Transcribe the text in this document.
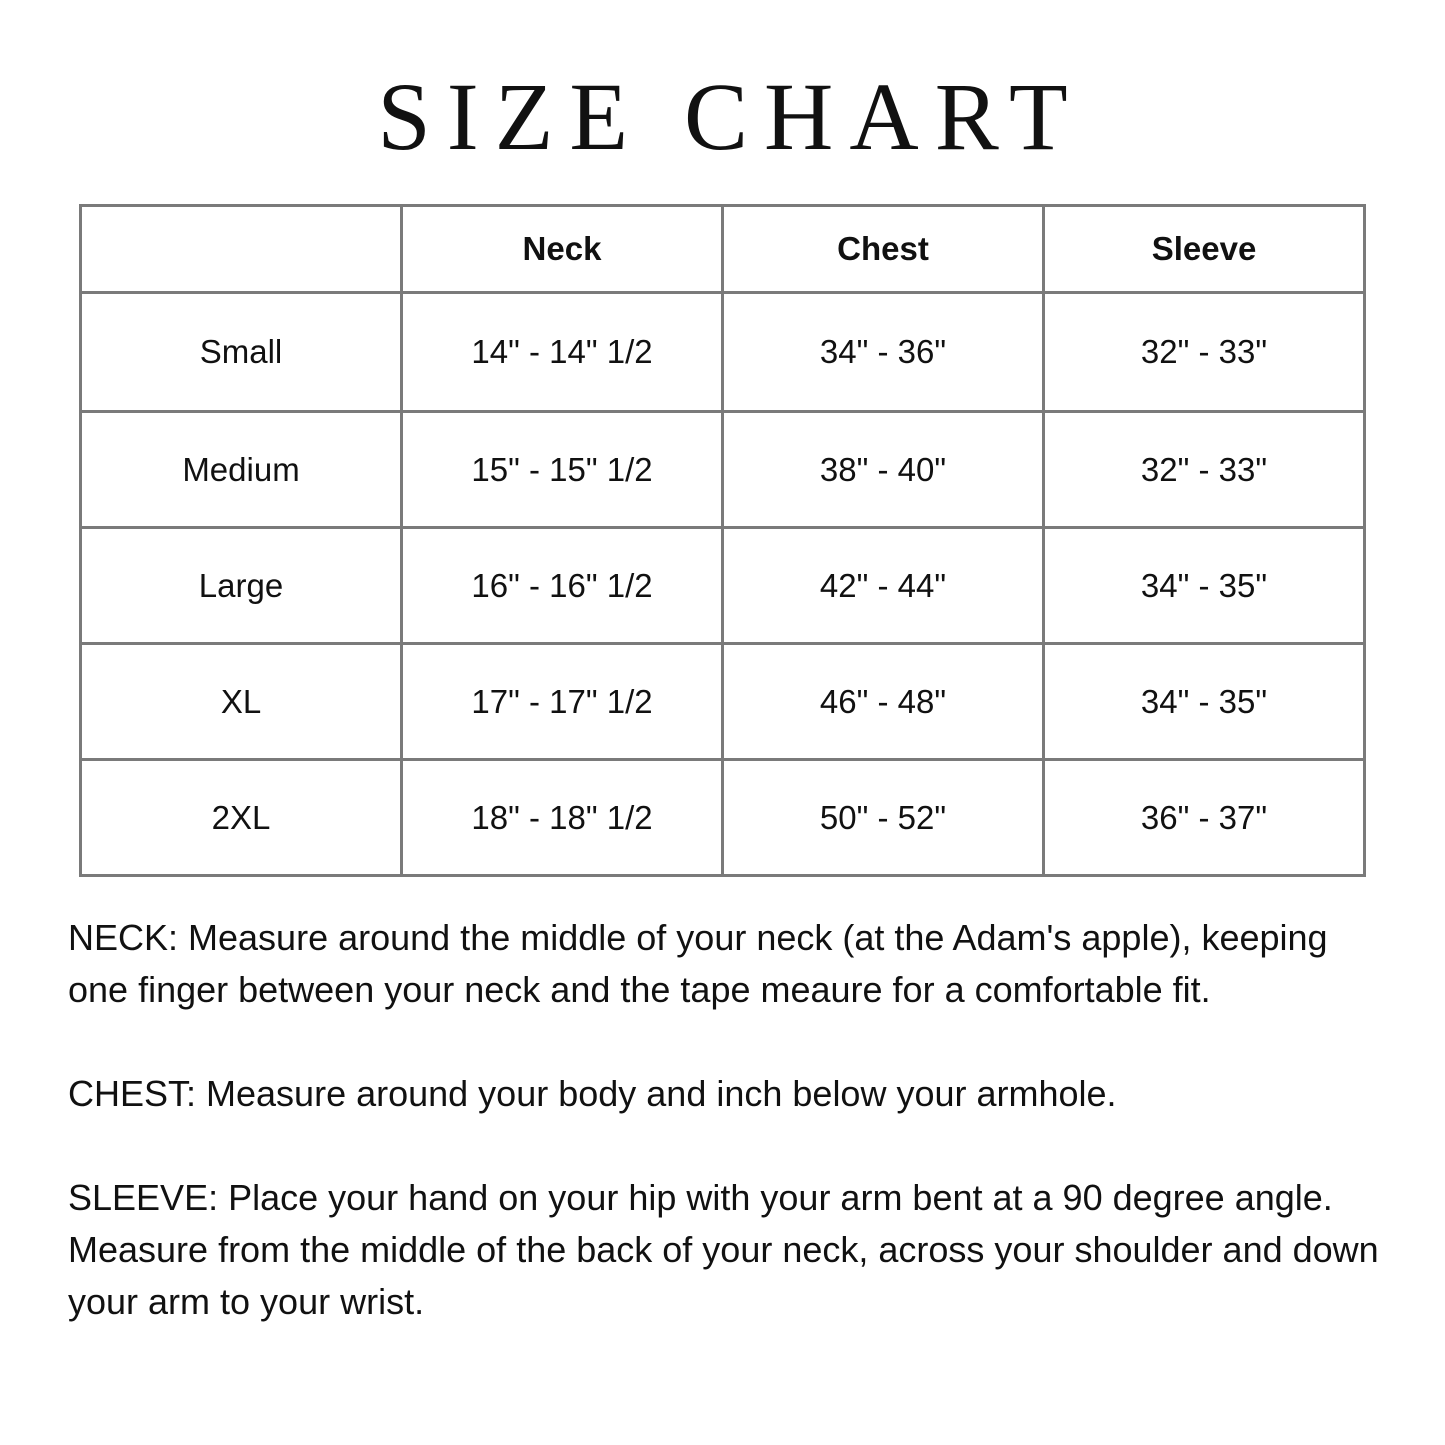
SIZE CHART
	Neck	Chest	Sleeve
Small	14" - 14" 1/2	34" - 36"	32" - 33"
Medium	15" - 15" 1/2	38" - 40"	32" - 33"
Large	16" - 16" 1/2	42" - 44"	34" - 35"
XL	17" - 17" 1/2	46" - 48"	34" - 35"
2XL	18" - 18" 1/2	50" - 52"	36" - 37"

NECK: Measure around the middle of your neck (at the Adam's apple), keeping one finger between your neck and the tape meaure for a comfortable fit.

CHEST: Measure around your body and inch below your armhole.

SLEEVE: Place your hand on your hip with your arm bent at a 90 degree angle. Measure from the middle of the back of your neck, across your shoulder and down your arm to your wrist.
